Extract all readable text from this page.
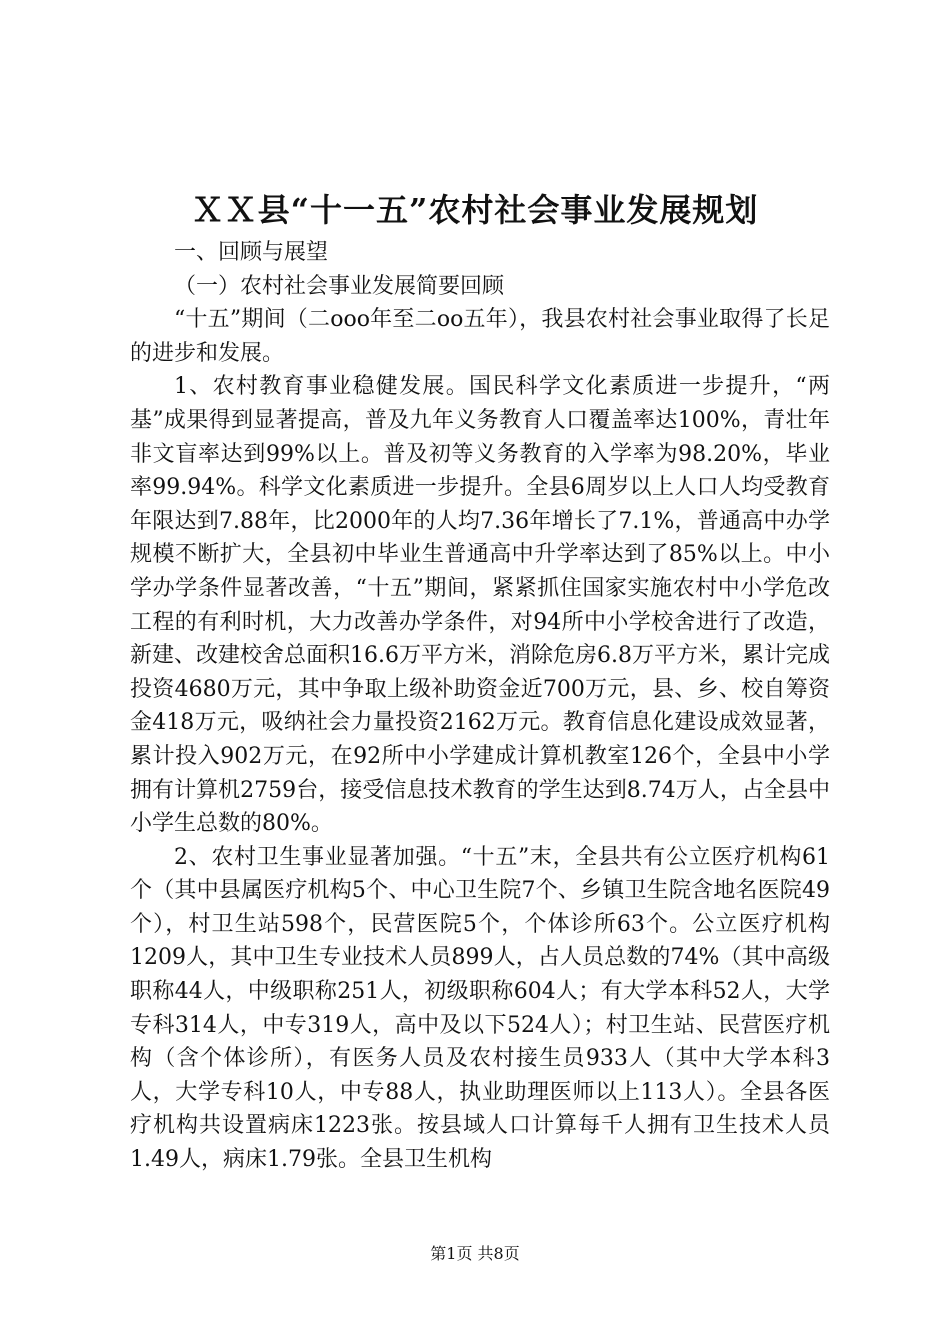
ＸＸ县“十一五”农村社会事业发展规划

一、回顾与展望

（一）农村社会事业发展简要回顾

“十五”期间（二ooo年至二oo五年），我县农村社会事业取得了长足的进步和发展。

1、农村教育事业稳健发展。国民科学文化素质进一步提升，“两基”成果得到显著提高，普及九年义务教育人口覆盖率达100%，青壮年非文盲率达到99%以上。普及初等义务教育的入学率为98.20%，毕业率99.94%。科学文化素质进一步提升。全县6周岁以上人口人均受教育年限达到7.88年，比2000年的人均7.36年增长了7.1%，普通高中办学规模不断扩大，全县初中毕业生普通高中升学率达到了85%以上。中小学办学条件显著改善，“十五”期间，紧紧抓住国家实施农村中小学危改工程的有利时机，大力改善办学条件，对94所中小学校舍进行了改造，新建、改建校舍总面积16.6万平方米，消除危房6.8万平方米，累计完成投资4680万元，其中争取上级补助资金近700万元，县、乡、校自筹资金418万元，吸纳社会力量投资2162万元。教育信息化建设成效显著，累计投入902万元，在92所中小学建成计算机教室126个，全县中小学拥有计算机2759台，接受信息技术教育的学生达到8.74万人，占全县中小学生总数的80%。

2、农村卫生事业显著加强。“十五”末，全县共有公立医疗机构61个（其中县属医疗机构5个、中心卫生院7个、乡镇卫生院含地名医院49个），村卫生站598个，民营医院5个，个体诊所63个。公立医疗机构1209人，其中卫生专业技术人员899人，占人员总数的74%（其中高级职称44人，中级职称251人，初级职称604人；有大学本科52人，大学专科314人，中专319人，高中及以下524人）；村卫生站、民营医疗机构（含个体诊所），有医务人员及农村接生员933人（其中大学本科3人，大学专科10人，中专88人，执业助理医师以上113人）。全县各医疗机构共设置病床1223张。按县域人口计算每千人拥有卫生技术人员1.49人，病床1.79张。全县卫生机构

第1页 共8页
